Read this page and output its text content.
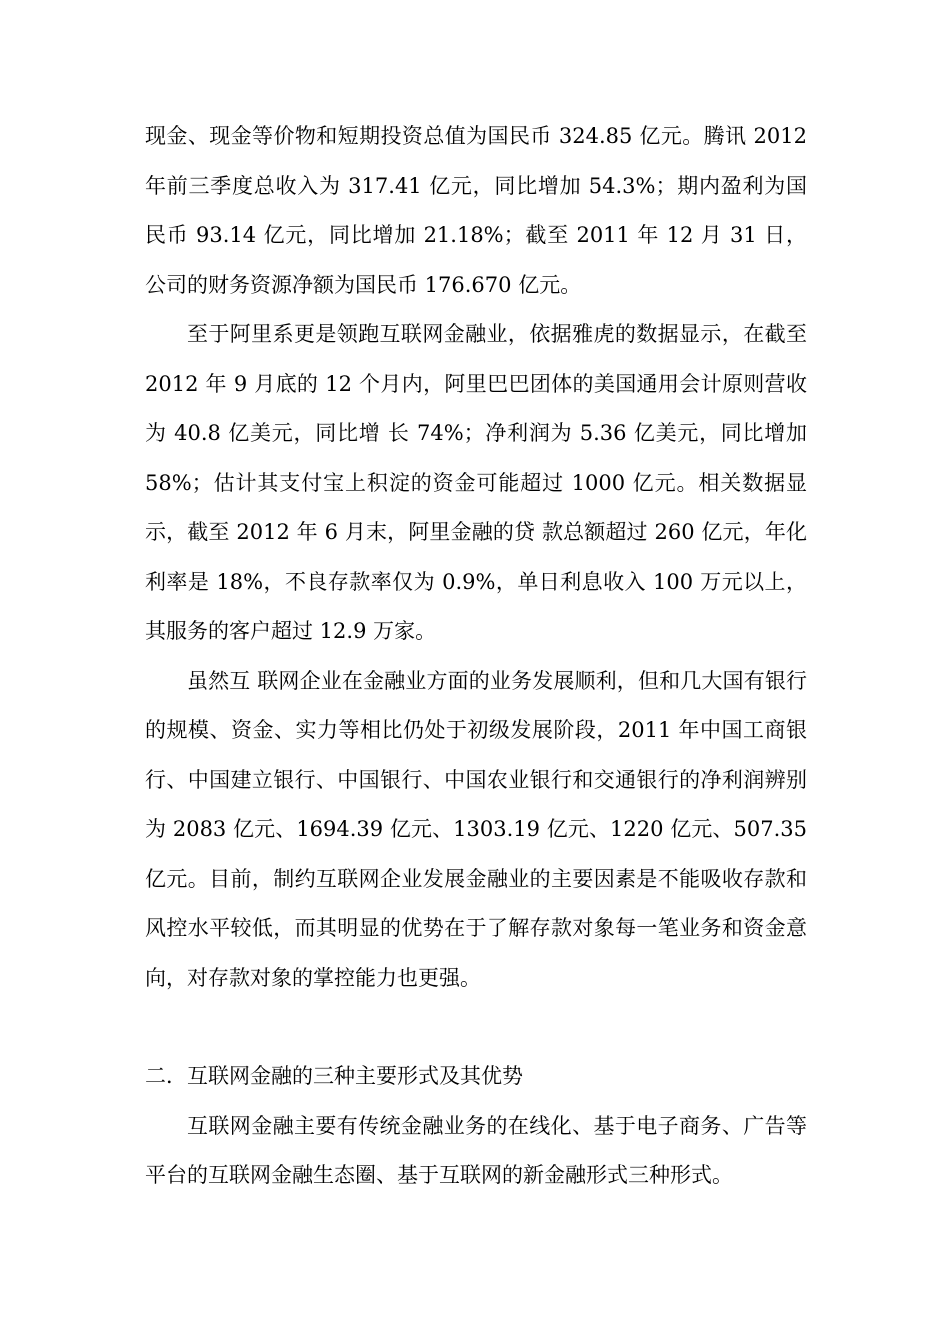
现金、现金等价物和短期投资总值为国民币 324.85 亿元。腾讯 2012 年前三季度总收入为 317.41 亿元，同比增加 54.3%；期内盈利为国民币 93.14 亿元，同比增加 21.18%；截至 2011 年 12 月 31 日，公司的财务资源净额为国民币 176.670 亿元。

至于阿里系更是领跑互联网金融业，依据雅虎的数据显示，在截至 2012 年 9 月底的 12 个月内，阿里巴巴团体的美国通用会计原则营收为 40.8 亿美元，同比增 长 74%；净利润为 5.36 亿美元，同比增加 58%；估计其支付宝上积淀的资金可能超过 1000 亿元。相关数据显示，截至 2012 年 6 月末，阿里金融的贷 款总额超过 260 亿元，年化利率是 18%，不良存款率仅为 0.9%，单日利息收入 100 万元以上，其服务的客户超过 12.9 万家。

虽然互 联网企业在金融业方面的业务发展顺利，但和几大国有银行的规模、资金、实力等相比仍处于初级发展阶段，2011 年中国工商银行、中国建立银行、中国银行、中国农业银行和交通银行的净利润辨别为 2083 亿元、1694.39 亿元、1303.19 亿元、1220 亿元、507.35 亿元。目前，制约互联网企业发展金融业的主要因素是不能吸收存款和风控水平较低，而其明显的优势在于了解存款对象每一笔业务和资金意向，对存款对象的掌控能力也更强。

二．互联网金融的三种主要形式及其优势

互联网金融主要有传统金融业务的在线化、基于电子商务、广告等平台的互联网金融生态圈、基于互联网的新金融形式三种形式。
